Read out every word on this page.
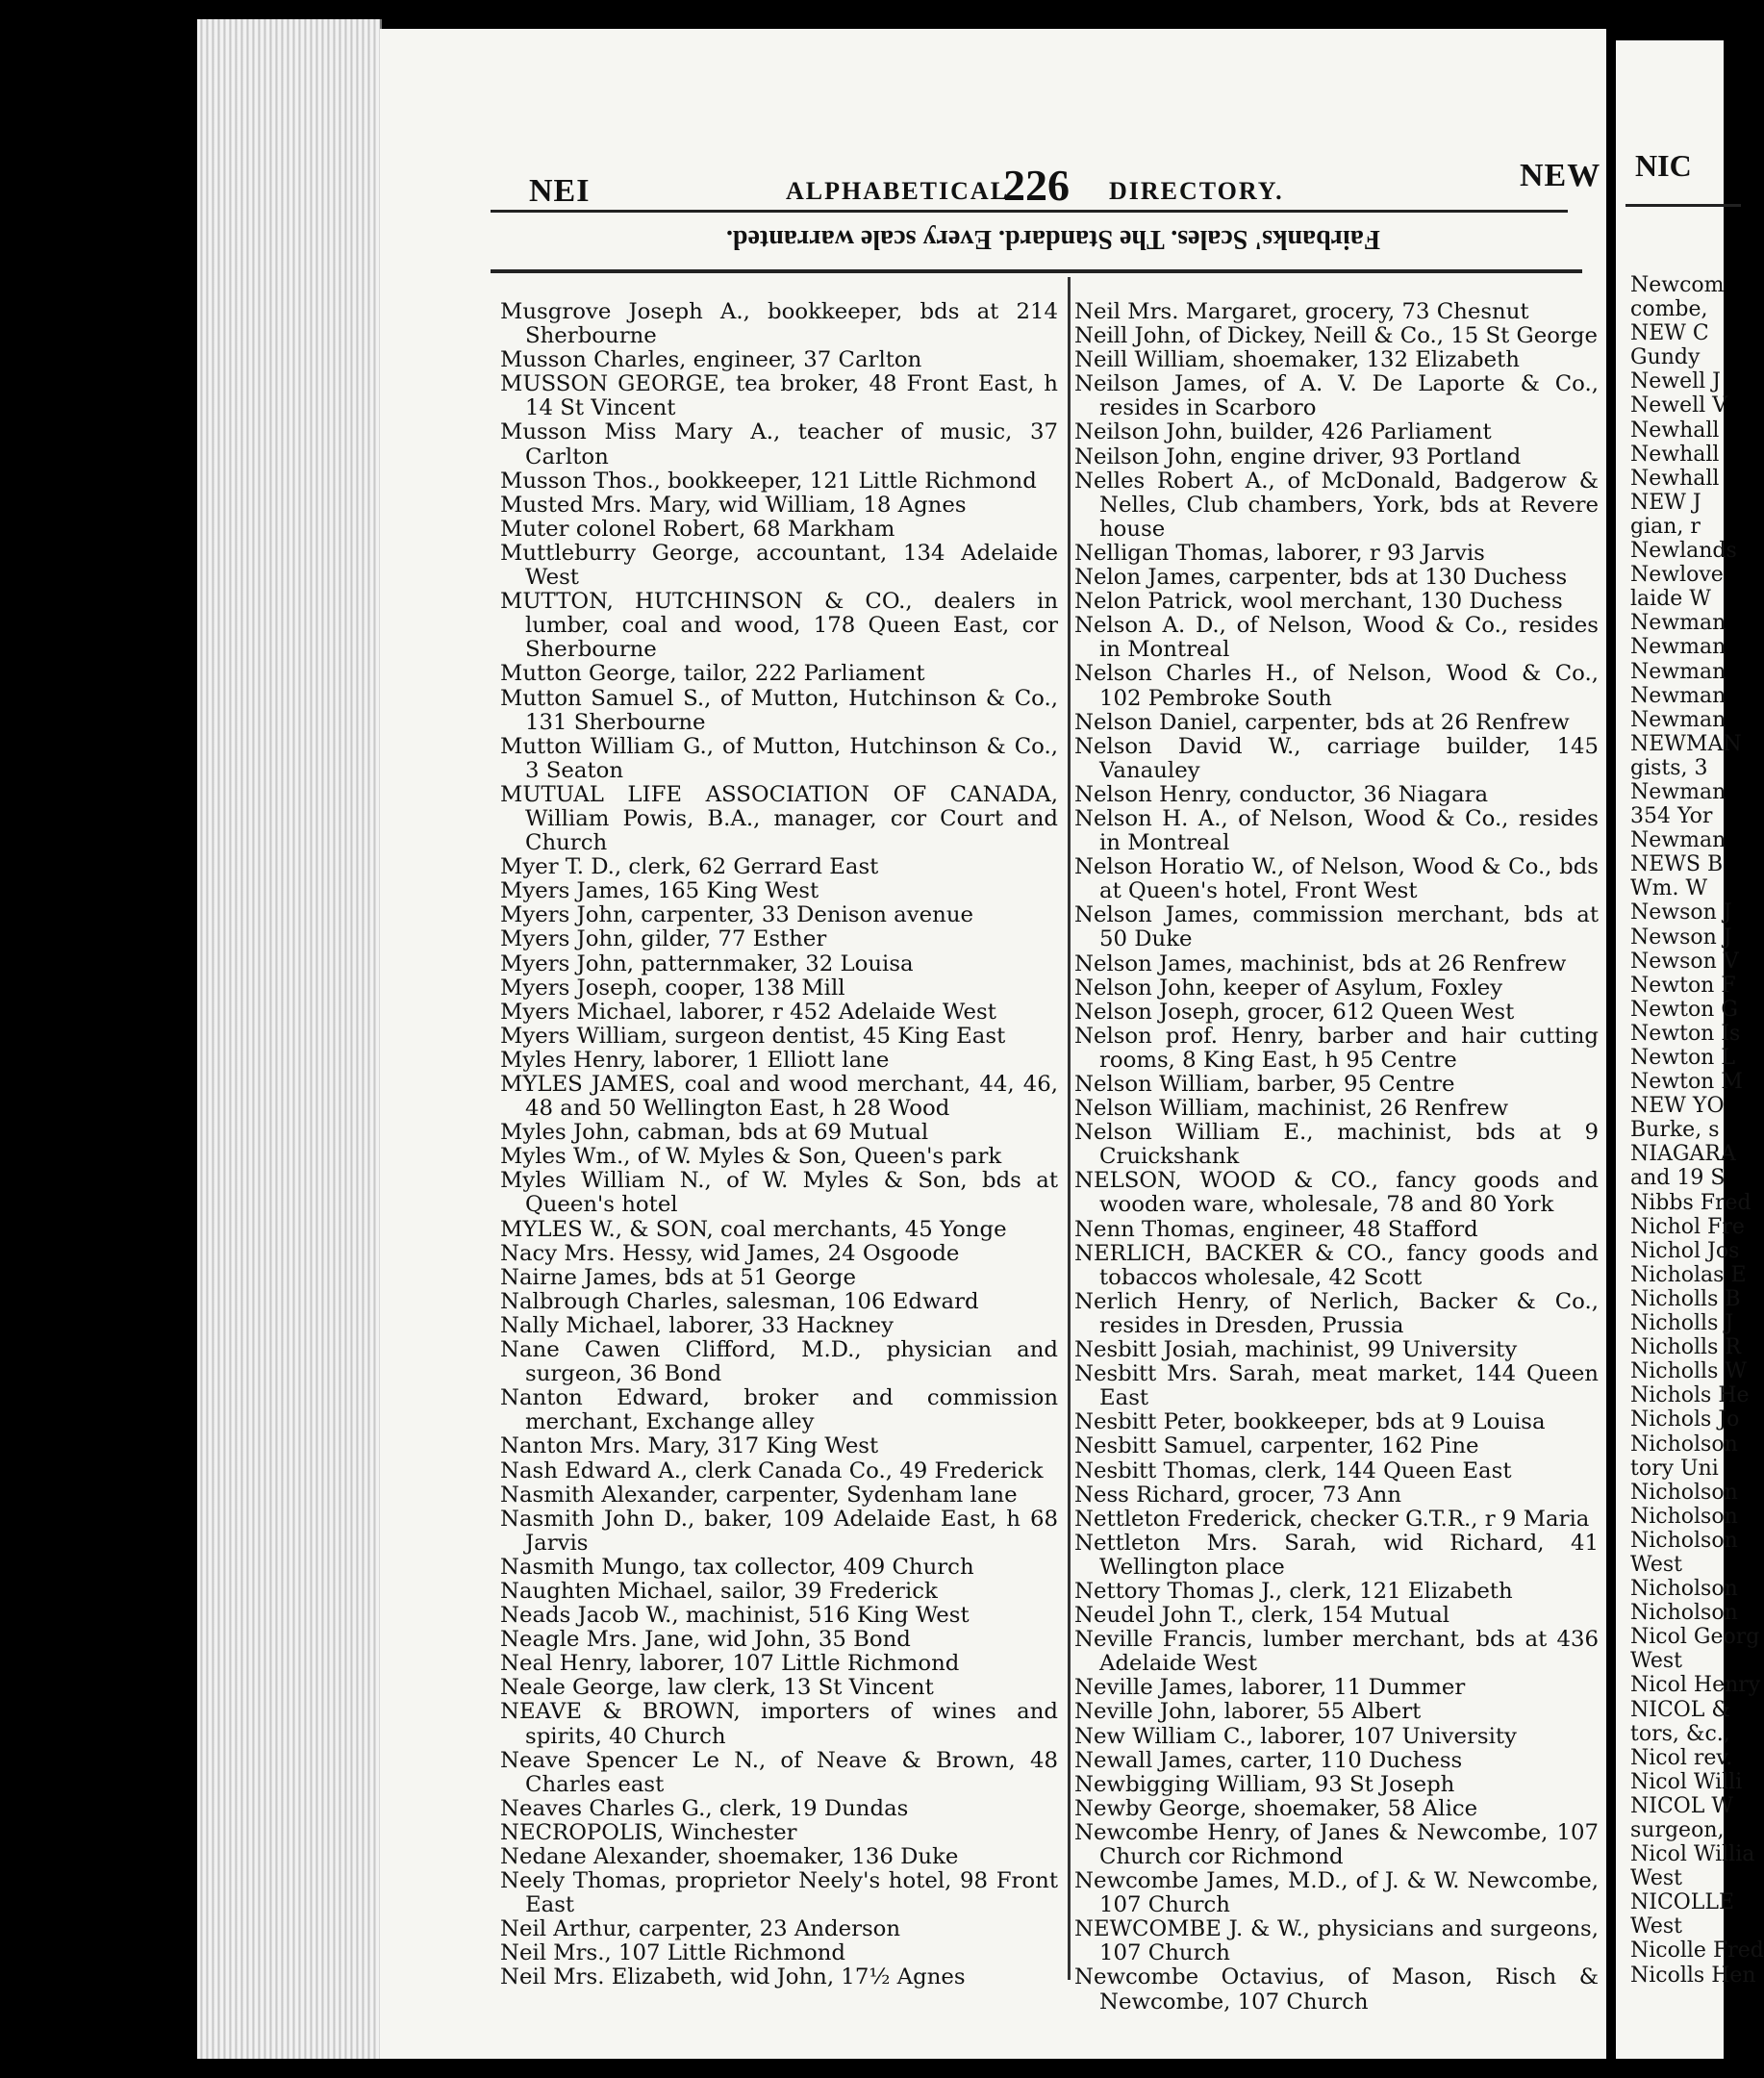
NEI	ALPHABETICAL
226 DIRECTORY.	NEW
Fairbanks' Scales. The Standard. Every scale warranted.

Musgrove Joseph A., bookkeeper, bds at 214 Sherbourne

Musson Charles, engineer, 37 Carlton

MUSSON GEORGE, tea broker, 48 Front East, h 14 St Vincent

Musson Miss Mary A., teacher of music, 37 Carlton

Musson Thos., bookkeeper, 121 Little Richmond

Musted Mrs. Mary, wid William, 18 Agnes

Muter colonel Robert, 68 Markham

Muttleburry George, accountant, 134 Adelaide West

MUTTON, HUTCHINSON & CO., dealers in lumber, coal and wood, 178 Queen East, cor Sherbourne

Mutton George, tailor, 222 Parliament

Mutton Samuel S., of Mutton, Hutchinson & Co., 131 Sherbourne

Mutton William G., of Mutton, Hutchinson & Co., 3 Seaton

MUTUAL LIFE ASSOCIATION OF CANADA, William Powis, B.A., manager, cor Court and Church

Myer T. D., clerk, 62 Gerrard East

Myers James, 165 King West

Myers John, carpenter, 33 Denison avenue

Myers John, gilder, 77 Esther

Myers John, patternmaker, 32 Louisa

Myers Joseph, cooper, 138 Mill

Myers Michael, laborer, r 452 Adelaide West

Myers William, surgeon dentist, 45 King East

Myles Henry, laborer, 1 Elliott lane

MYLES JAMES, coal and wood merchant, 44, 46, 48 and 50 Wellington East, h 28 Wood

Myles John, cabman, bds at 69 Mutual

Myles Wm., of W. Myles & Son, Queen's park

Myles William N., of W. Myles & Son, bds at Queen's hotel

MYLES W., & SON, coal merchants, 45 Yonge

Nacy Mrs. Hessy, wid James, 24 Osgoode

Nairne James, bds at 51 George

Nalbrough Charles, salesman, 106 Edward

Nally Michael, laborer, 33 Hackney

Nane Cawen Clifford, M.D., physician and surgeon, 36 Bond

Nanton Edward, broker and commission merchant, Exchange alley

Nanton Mrs. Mary, 317 King West

Nash Edward A., clerk Canada Co., 49 Frederick

Nasmith Alexander, carpenter, Sydenham lane

Nasmith John D., baker, 109 Adelaide East, h 68 Jarvis

Nasmith Mungo, tax collector, 409 Church

Naughten Michael, sailor, 39 Frederick

Neads Jacob W., machinist, 516 King West

Neagle Mrs. Jane, wid John, 35 Bond

Neal Henry, laborer, 107 Little Richmond

Neale George, law clerk, 13 St Vincent

NEAVE & BROWN, importers of wines and spirits, 40 Church

Neave Spencer Le N., of Neave & Brown, 48 Charles east

Neaves Charles G., clerk, 19 Dundas

NECROPOLIS, Winchester

Nedane Alexander, shoemaker, 136 Duke

Neely Thomas, proprietor Neely's hotel, 98 Front East

Neil Arthur, carpenter, 23 Anderson

Neil Mrs., 107 Little Richmond

Neil Mrs. Elizabeth, wid John, 17½ Agnes

Neil Mrs. Margaret, grocery, 73 Chesnut

Neill John, of Dickey, Neill & Co., 15 St George

Neill William, shoemaker, 132 Elizabeth

Neilson James, of A. V. De Laporte & Co., resides in Scarboro

Neilson John, builder, 426 Parliament

Neilson John, engine driver, 93 Portland

Nelles Robert A., of McDonald, Badgerow & Nelles, Club chambers, York, bds at Revere house

Nelligan Thomas, laborer, r 93 Jarvis

Nelon James, carpenter, bds at 130 Duchess

Nelon Patrick, wool merchant, 130 Duchess

Nelson A. D., of Nelson, Wood & Co., resides in Montreal

Nelson Charles H., of Nelson, Wood & Co., 102 Pembroke South

Nelson Daniel, carpenter, bds at 26 Renfrew

Nelson David W., carriage builder, 145 Vanauley

Nelson Henry, conductor, 36 Niagara

Nelson H. A., of Nelson, Wood & Co., resides in Montreal

Nelson Horatio W., of Nelson, Wood & Co., bds at Queen's hotel, Front West

Nelson James, commission merchant, bds at 50 Duke

Nelson James, machinist, bds at 26 Renfrew

Nelson John, keeper of Asylum, Foxley

Nelson Joseph, grocer, 612 Queen West

Nelson prof. Henry, barber and hair cutting rooms, 8 King East, h 95 Centre

Nelson William, barber, 95 Centre

Nelson William, machinist, 26 Renfrew

Nelson William E., machinist, bds at 9 Cruickshank

NELSON, WOOD & CO., fancy goods and wooden ware, wholesale, 78 and 80 York

Nenn Thomas, engineer, 48 Stafford

NERLICH, BACKER & CO., fancy goods and tobaccos wholesale, 42 Scott

Nerlich Henry, of Nerlich, Backer & Co., resides in Dresden, Prussia

Nesbitt Josiah, machinist, 99 University

Nesbitt Mrs. Sarah, meat market, 144 Queen East

Nesbitt Peter, bookkeeper, bds at 9 Louisa

Nesbitt Samuel, carpenter, 162 Pine

Nesbitt Thomas, clerk, 144 Queen East

Ness Richard, grocer, 73 Ann

Nettleton Frederick, checker G.T.R., r 9 Maria

Nettleton Mrs. Sarah, wid Richard, 41 Wellington place

Nettory Thomas J., clerk, 121 Elizabeth

Neudel John T., clerk, 154 Mutual

Neville Francis, lumber merchant, bds at 436 Adelaide West

Neville James, laborer, 11 Dummer

Neville John, laborer, 55 Albert

New William C., laborer, 107 University

Newall James, carter, 110 Duchess

Newbigging William, 93 St Joseph

Newby George, shoemaker, 58 Alice

Newcombe Henry, of Janes & Newcombe, 107 Church cor Richmond

Newcombe James, M.D., of J. & W. Newcombe, 107 Church

NEWCOMBE J. & W., physicians and surgeons, 107 Church

Newcombe Octavius, of Mason, Risch & Newcombe, 107 Church

NIC

Newcom

combe,

NEW C

Gundy

Newell J

Newell V

Newhall

Newhall

Newhall

NEW J

gian, r

Newlands

Newlove

laide W

Newman

Newman

Newman

Newman

Newman

NEWMAN

gists, 3

Newman

354 Yor

Newman

NEWS B

Wm. W

Newson J

Newson J

Newson V

Newton F

Newton G

Newton Is

Newton L

Newton M

NEW YO

Burke, s

NIAGARA

and 19 S

Nibbs Fred

Nichol Fre

Nichol Jos

Nicholas E

Nicholls B

Nicholls J

Nicholls R

Nicholls W

Nichols He

Nichols Jo

Nicholson

tory Uni

Nicholson

Nicholson

Nicholson

West

Nicholson

Nicholson

Nicol Georg

West

Nicol Henry

NICOL &

tors, &c.,

Nicol rev.

Nicol Willi

NICOL W

surgeon,

Nicol Willia

West

NICOLLE

West

Nicolle Fred

Nicolls Hen
